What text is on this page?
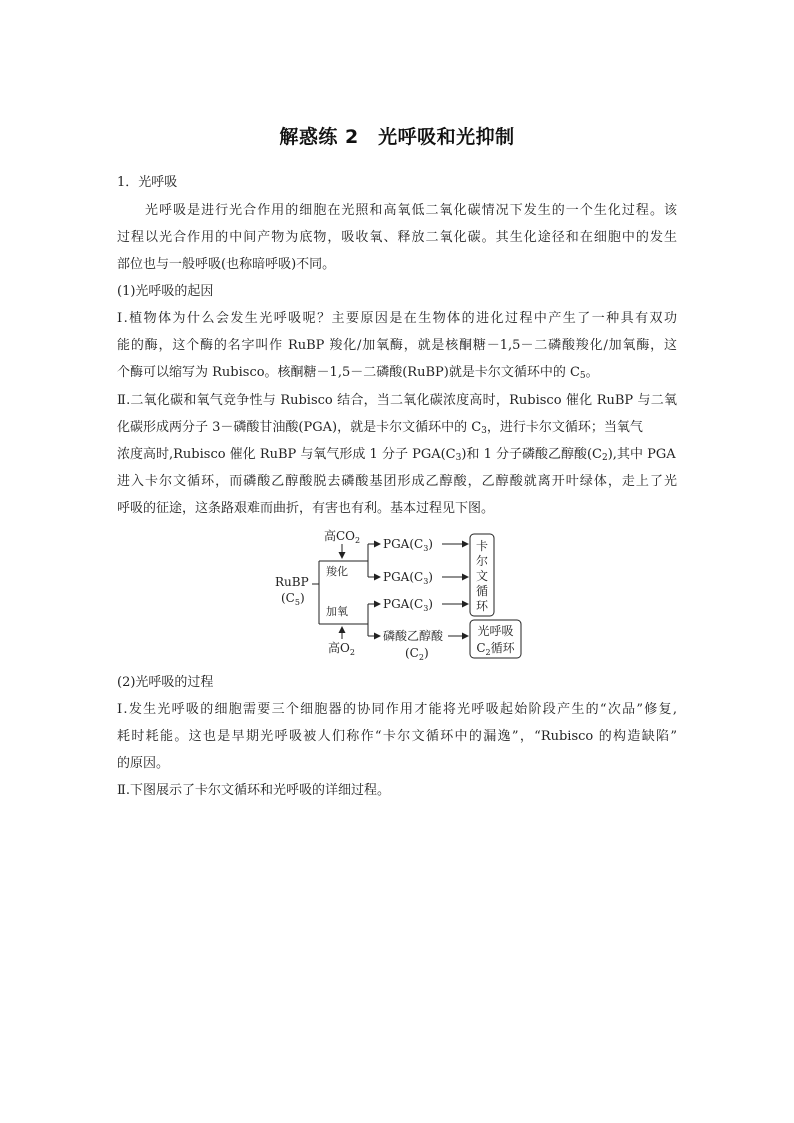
解惑练 2　光呼吸和光抑制
1．光呼吸
光呼吸是进行光合作用的细胞在光照和高氧低二氧化碳情况下发生的一个生化过程。该
过程以光合作用的中间产物为底物，吸收氧、释放二氧化碳。其生化途径和在细胞中的发生
部位也与一般呼吸(也称暗呼吸)不同。
(1)光呼吸的起因
Ⅰ.植物体为什么会发生光呼吸呢？主要原因是在生物体的进化过程中产生了一种具有双功
能的酶，这个酶的名字叫作 RuBP 羧化/加氧酶，就是核酮糖－1,5－二磷酸羧化/加氧酶，这
个酶可以缩写为 Rubisco。核酮糖－1,5－二磷酸(RuBP)就是卡尔文循环中的 $C_5$。
Ⅱ.二氧化碳和氧气竞争性与 Rubisco 结合，当二氧化碳浓度高时，Rubisco 催化 RuBP 与二氧
化碳形成两分子 3－磷酸甘油酸(PGA)，就是卡尔文循环中的 $C_3$，进行卡尔文循环；当氧气
浓度高时,Rubisco 催化 RuBP 与氧气形成 1 分子 $PGA(C_3)$和 1 分子磷酸乙醇酸$(C_2)$,其中 PGA
进入卡尔文循环，而磷酸乙醇酸脱去磷酸基团形成乙醇酸，乙醇酸就离开叶绿体，走上了光
呼吸的征途，这条路艰难而曲折，有害也有利。基本过程见下图。
高$CO_2$
RuBP
$(C_5)$
羧化
加氧
高$O_2$
$PGA(C_3)$
$PGA(C_3)$
$PGA(C_3)$
磷酸乙醇酸
$(C_2)$
卡
尔
文
循
环
光呼吸
$C_2$循环
(2)光呼吸的过程
Ⅰ.发生光呼吸的细胞需要三个细胞器的协同作用才能将光呼吸起始阶段产生的“次品”修复,
耗时耗能。这也是早期光呼吸被人们称作“卡尔文循环中的漏逸”，“Rubisco 的构造缺陷”
的原因。
Ⅱ.下图展示了卡尔文循环和光呼吸的详细过程。
